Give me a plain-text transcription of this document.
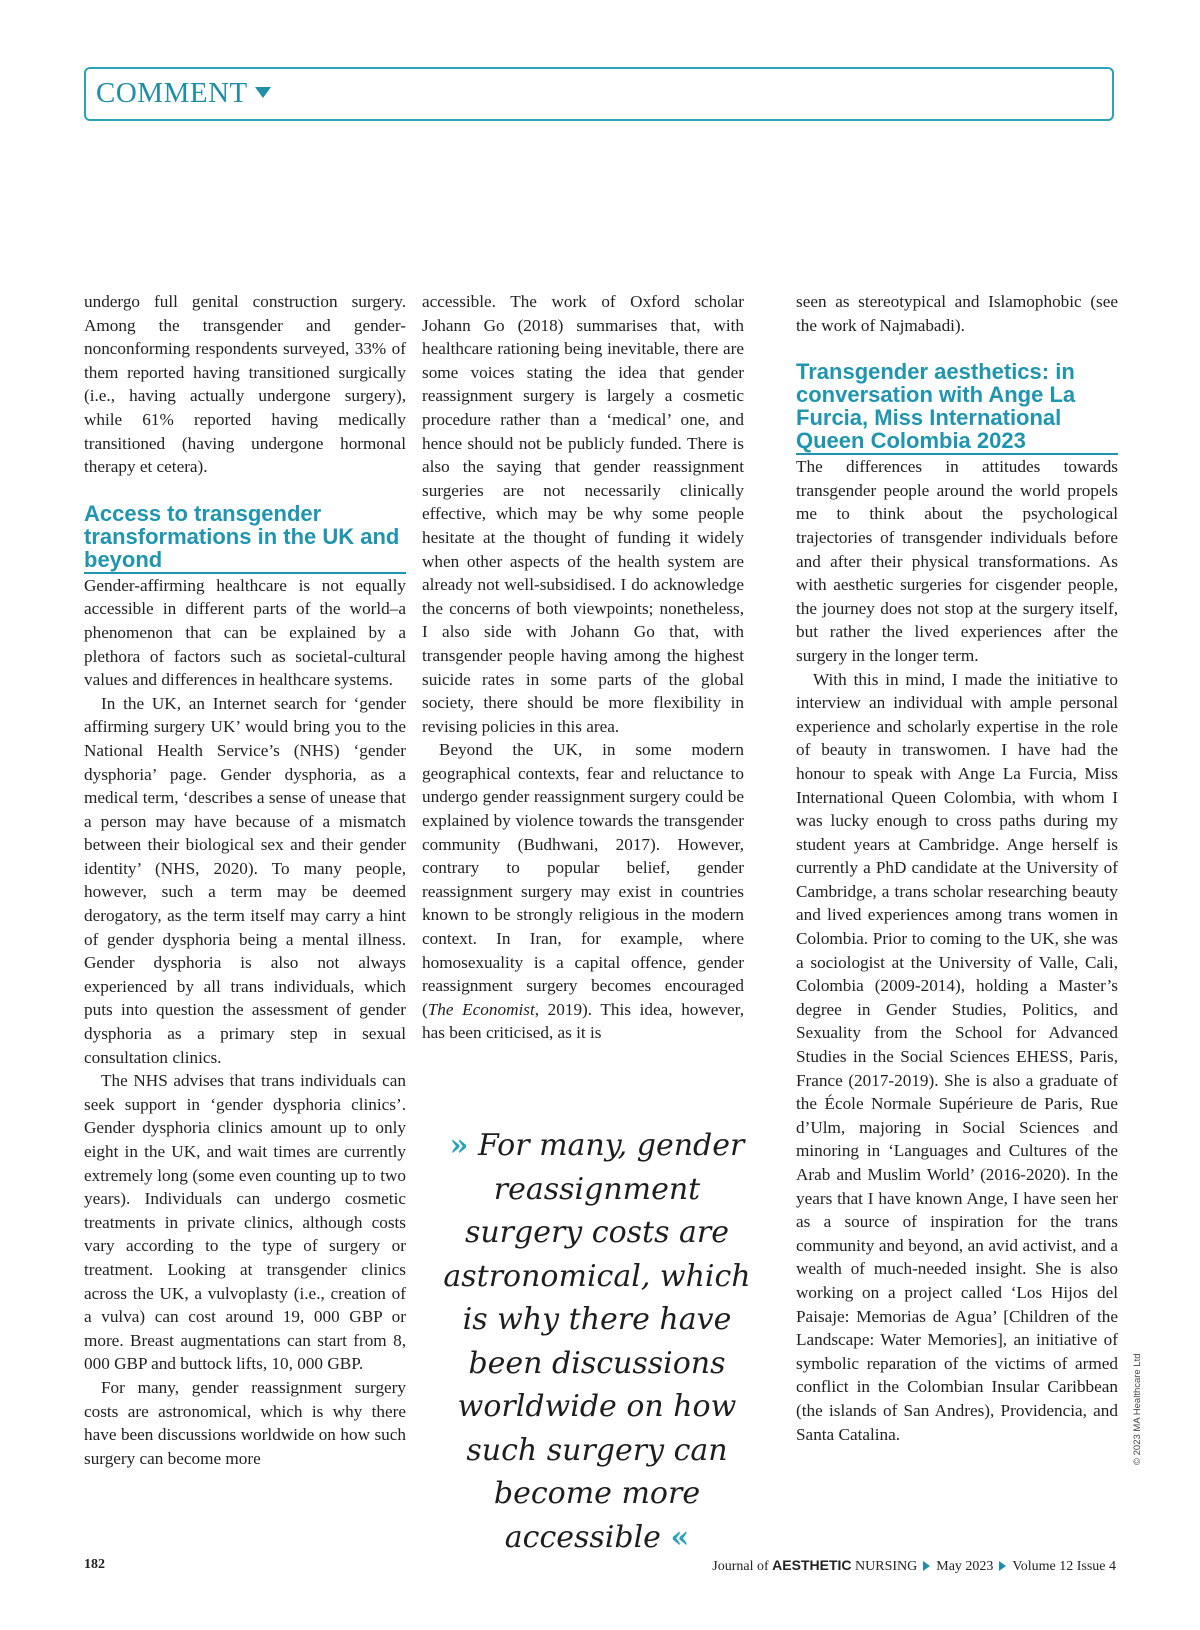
COMMENT

undergo full genital construction surgery. Among the transgender and gender-nonconforming respondents surveyed, 33% of them reported having transitioned surgically (i.e., having actually undergone surgery), while 61% reported having medically transitioned (having undergone hormonal therapy et cetera).

Access to transgender transformations in the UK and beyond

Gender-affirming healthcare is not equally accessible in different parts of the world–a phenomenon that can be explained by a plethora of factors such as societal-cultural values and differences in healthcare systems.

In the UK, an Internet search for ‘gender affirming surgery UK’ would bring you to the National Health Service’s (NHS) ‘gender dysphoria’ page. Gender dysphoria, as a medical term, ‘describes a sense of unease that a person may have because of a mismatch between their biological sex and their gender identity’ (NHS, 2020). To many people, however, such a term may be deemed derogatory, as the term itself may carry a hint of gender dysphoria being a mental illness. Gender dysphoria is also not always experienced by all trans individuals, which puts into question the assessment of gender dysphoria as a primary step in sexual consultation clinics.

The NHS advises that trans individuals can seek support in ‘gender dysphoria clinics’. Gender dysphoria clinics amount up to only eight in the UK, and wait times are currently extremely long (some even counting up to two years). Individuals can undergo cosmetic treatments in private clinics, although costs vary according to the type of surgery or treatment. Looking at transgender clinics across the UK, a vulvoplasty (i.e., creation of a vulva) can cost around 19, 000 GBP or more. Breast augmentations can start from 8, 000 GBP and buttock lifts, 10, 000 GBP.

For many, gender reassignment surgery costs are astronomical, which is why there have been discussions worldwide on how such surgery can become more

accessible. The work of Oxford scholar Johann Go (2018) summarises that, with healthcare rationing being inevitable, there are some voices stating the idea that gender reassignment surgery is largely a cosmetic procedure rather than a ‘medical’ one, and hence should not be publicly funded. There is also the saying that gender reassignment surgeries are not necessarily clinically effective, which may be why some people hesitate at the thought of funding it widely when other aspects of the health system are already not well-subsidised. I do acknowledge the concerns of both viewpoints; nonetheless, I also side with Johann Go that, with transgender people having among the highest suicide rates in some parts of the global society, there should be more flexibility in revising policies in this area.

Beyond the UK, in some modern geographical contexts, fear and reluctance to undergo gender reassignment surgery could be explained by violence towards the transgender community (Budhwani, 2017). However, contrary to popular belief, gender reassignment surgery may exist in countries known to be strongly religious in the modern context. In Iran, for example, where homosexuality is a capital offence, gender reassignment surgery becomes encouraged (The Economist, 2019). This idea, however, has been criticised, as it is

» For many, gender reassignment surgery costs are astronomical, which is why there have been discussions worldwide on how such surgery can become more accessible «

seen as stereotypical and Islamophobic (see the work of Najmabadi).

Transgender aesthetics: in conversation with Ange La Furcia, Miss International Queen Colombia 2023

The differences in attitudes towards transgender people around the world propels me to think about the psychological trajectories of transgender individuals before and after their physical transformations. As with aesthetic surgeries for cisgender people, the journey does not stop at the surgery itself, but rather the lived experiences after the surgery in the longer term.

With this in mind, I made the initiative to interview an individual with ample personal experience and scholarly expertise in the role of beauty in transwomen. I have had the honour to speak with Ange La Furcia, Miss International Queen Colombia, with whom I was lucky enough to cross paths during my student years at Cambridge. Ange herself is currently a PhD candidate at the University of Cambridge, a trans scholar researching beauty and lived experiences among trans women in Colombia. Prior to coming to the UK, she was a sociologist at the University of Valle, Cali, Colombia (2009-2014), holding a Master’s degree in Gender Studies, Politics, and Sexuality from the School for Advanced Studies in the Social Sciences EHESS, Paris, France (2017-2019). She is also a graduate of the École Normale Supérieure de Paris, Rue d’Ulm, majoring in Social Sciences and minoring in ‘Languages and Cultures of the Arab and Muslim World’ (2016-2020). In the years that I have known Ange, I have seen her as a source of inspiration for the trans community and beyond, an avid activist, and a wealth of much-needed insight. She is also working on a project called ‘Los Hijos del Paisaje: Memorias de Agua’ [Children of the Landscape: Water Memories], an initiative of symbolic reparation of the victims of armed conflict in the Colombian Insular Caribbean (the islands of San Andres), Providencia, and Santa Catalina.	© 2023 MA Healthcare Ltd
182	Journal of AESTHETIC NURSING May 2023 Volume 12 Issue 4
